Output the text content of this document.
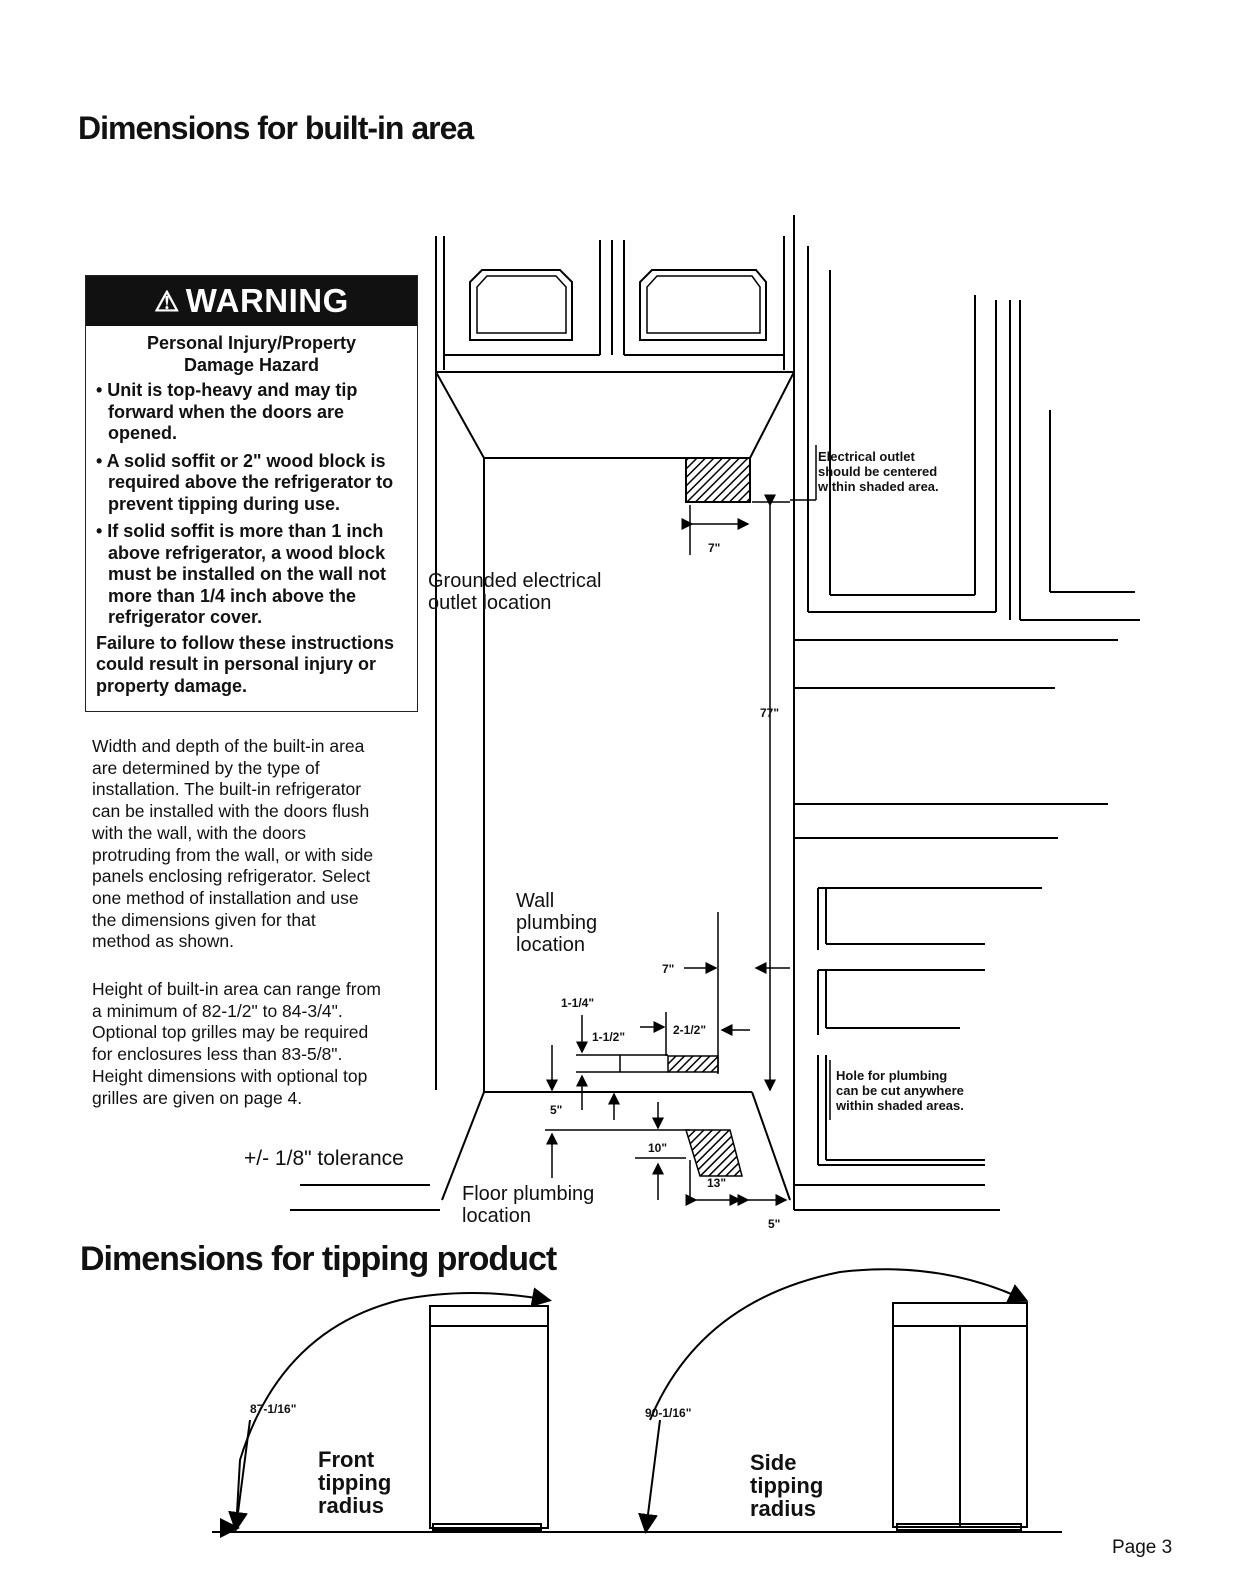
Dimensions for built-in area
Dimensions for tipping product
⚠ WARNING
Personal Injury/Property
Damage Hazard
• Unit is top-heavy and may tip forward when the doors are opened.
• A solid soffit or 2" wood block is required above the refrigerator to prevent tipping during use.
• If solid soffit is more than 1 inch above refrigerator, a wood block must be installed on the wall not more than 1/4 inch above the refrigerator cover.
Failure to follow these instructions could result in personal injury or property damage.
Width and depth of the built-in area
are determined by the type of
installation. The built-in refrigerator
can be installed with the doors flush
with the wall, with the doors
protruding from the wall, or with side
panels enclosing refrigerator. Select
one method of installation and use
the dimensions given for that
method as shown.
Height of built-in area can range from
a minimum of 82-1/2" to 84-3/4".
Optional top grilles may be required
for enclosures less than 83-5/8".
Height dimensions with optional top
grilles are given on page 4.
+/- 1/8" tolerance
Grounded electrical
outlet location
Wall
plumbing
location
Floor plumbing
location
Electrical outlet
should be centered
within shaded area.
Hole for plumbing
can be cut anywhere
within shaded areas.
7"
77"
7"
1-1/4"
1-1/2"	2-1/2"
5"
10"
13"
5"
87-1/16"
Front
tipping
radius
90-1/16"
Side
tipping
radius
Page 3
